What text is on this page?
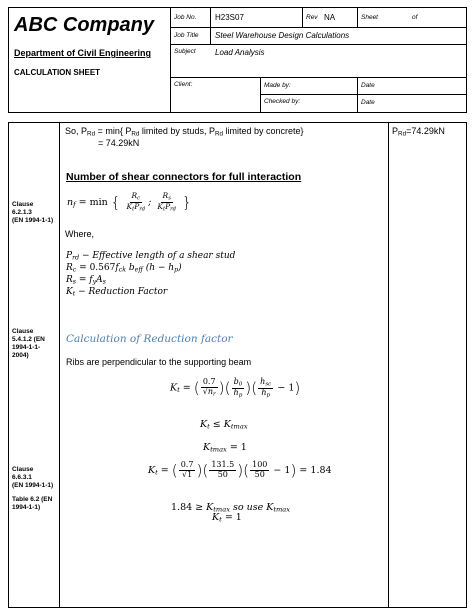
ABC Company
Department of Civil Engineering
CALCULATION SHEET
Job No. H23S07	Rev NA	Sheet	of
Job Title Steel Warehouse Design Calculations
Subject Load Analysis
Client:	Made by:	Date
Checked by:	Date
Clause
6.2.1.3
(EN 1994-1-1)
Clause
5.4.1.2 (EN
1994-1-1-
2004)
Clause
6.6.3.1
(EN 1994-1-1)
Table 6.2 (EN
1994-1-1)
$P_{Rd}=74.29kN$
So, $P_{Rd} = \min${ $P_{Rd}$ limited by studs, $P_{Rd}$ limited by concrete}
= 74.29kN
Number of shear connectors for full interaction
$n_f = \min$ { $\frac{R_c}{K_tP_{rd}}$ ; $\frac{R_s}{K_tP_{rd}}$ }
Where,
$P_{rd}$ − Effective length of a shear stud
$R_c = 0.567f_{ck}$ $b_{eff}$ $(h - h_p)$
$R_s = f_yA_s$
$K_t$ − Reduction Factor
Calculation of Reduction factor
Ribs are perpendicular to the supporting beam
$K_t$ = ( $\frac{0.7}{√n_r}$ )( $\frac{b_0}{h_p}$ )( $\frac{h_{sc}}{h_p} - 1$)
$K_t \le K_{tmax}$
$K_{tmax} = 1$
$K_t$ = ( $\frac{0.7}{√1}$ )( $\frac{131.5}{50}$ )( $\frac{100}{50} - 1) = 1.84$
$1.84 \ge K_{tmax}$ so use $K_{tmax}$
$K_t = 1$
